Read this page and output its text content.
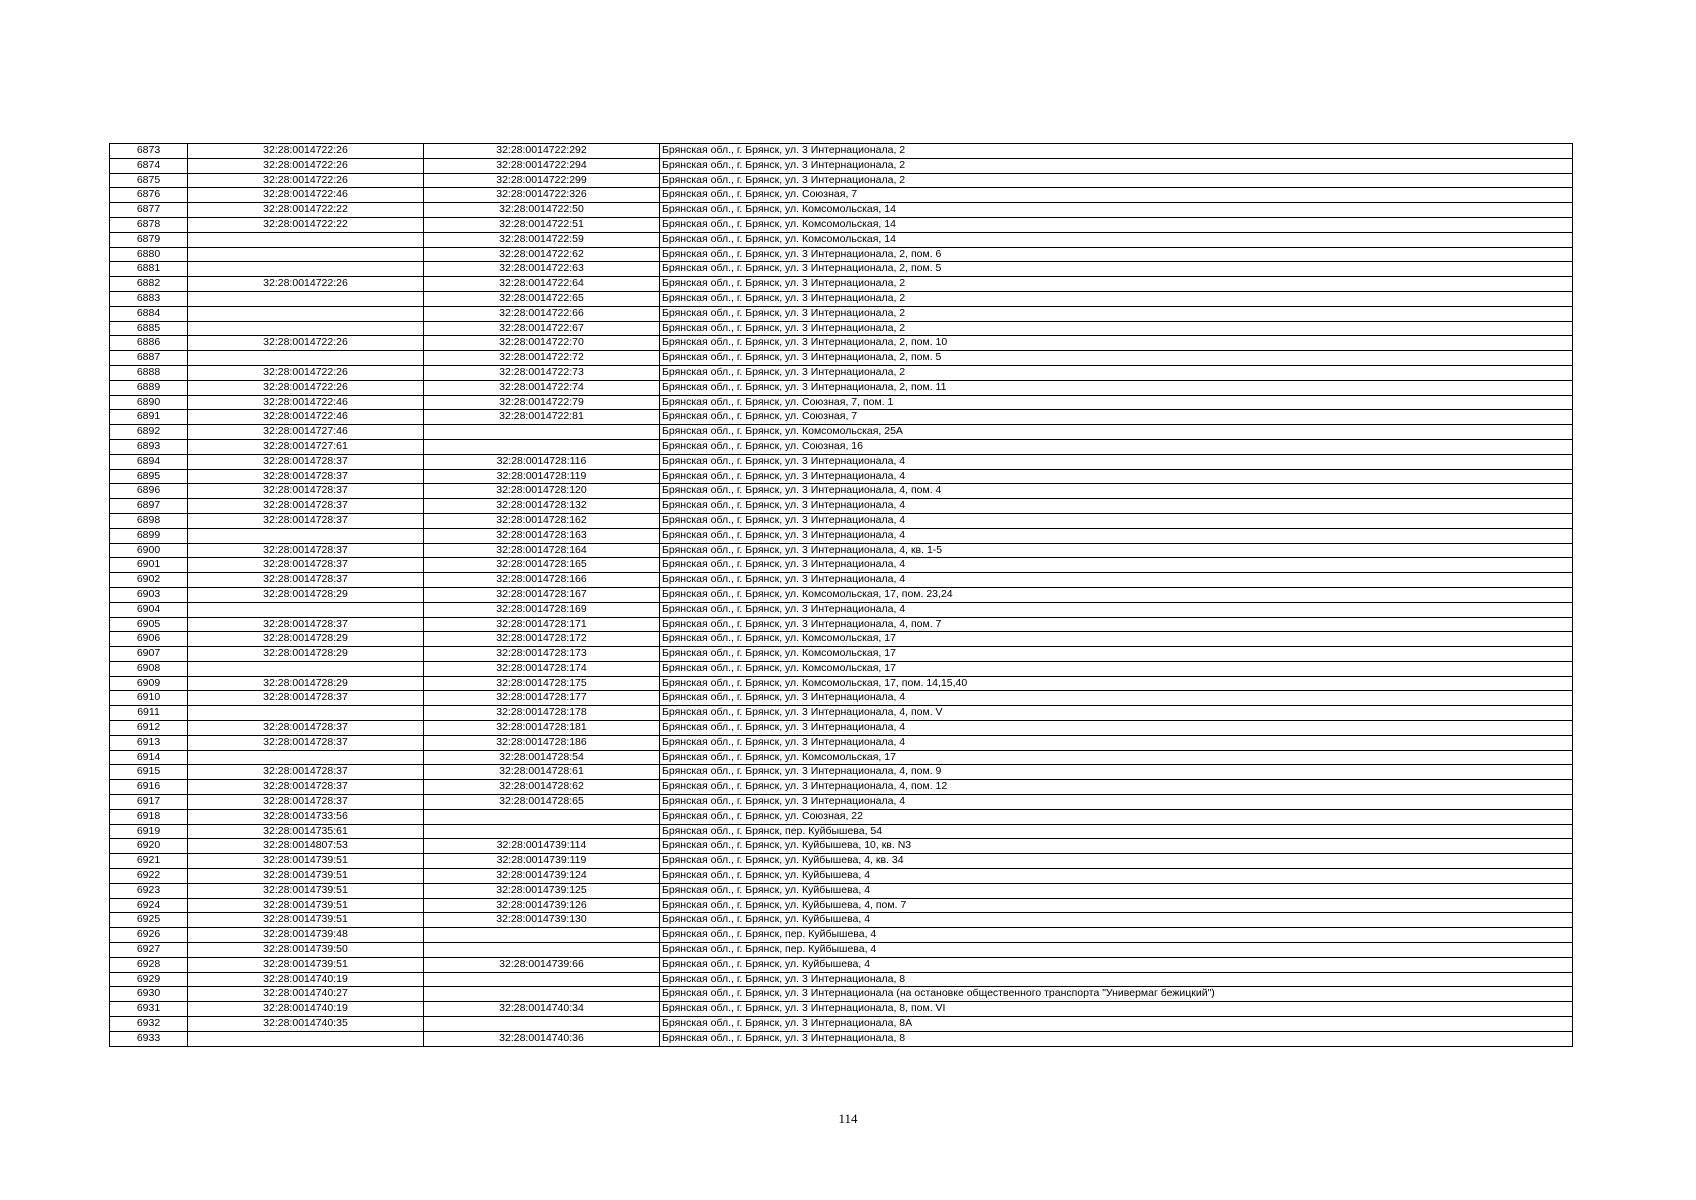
6873	32:28:0014722:26	32:28:0014722:292	Брянская обл., г. Брянск, ул. 3 Интернационала, 2
6874	32:28:0014722:26	32:28:0014722:294	Брянская обл., г. Брянск, ул. 3 Интернационала, 2
6875	32:28:0014722:26	32:28:0014722:299	Брянская обл., г. Брянск, ул. 3 Интернационала, 2
6876	32:28:0014722:46	32:28:0014722:326	Брянская обл., г. Брянск, ул. Союзная, 7
6877	32:28:0014722:22	32:28:0014722:50	Брянская обл., г. Брянск, ул. Комсомольская, 14
6878	32:28:0014722:22	32:28:0014722:51	Брянская обл., г. Брянск, ул. Комсомольская, 14
6879		32:28:0014722:59	Брянская обл., г. Брянск, ул. Комсомольская, 14
6880		32:28:0014722:62	Брянская обл., г. Брянск, ул. 3 Интернационала, 2, пом. 6
6881		32:28:0014722:63	Брянская обл., г. Брянск, ул. 3 Интернационала, 2, пом. 5
6882	32:28:0014722:26	32:28:0014722:64	Брянская обл., г. Брянск, ул. 3 Интернационала, 2
6883		32:28:0014722:65	Брянская обл., г. Брянск, ул. 3 Интернационала, 2
6884		32:28:0014722:66	Брянская обл., г. Брянск, ул. 3 Интернационала, 2
6885		32:28:0014722:67	Брянская обл., г. Брянск, ул. 3 Интернационала, 2
6886	32:28:0014722:26	32:28:0014722:70	Брянская обл., г. Брянск, ул. 3 Интернационала, 2, пом. 10
6887		32:28:0014722:72	Брянская обл., г. Брянск, ул. 3 Интернационала, 2, пом. 5
6888	32:28:0014722:26	32:28:0014722:73	Брянская обл., г. Брянск, ул. 3 Интернационала, 2
6889	32:28:0014722:26	32:28:0014722:74	Брянская обл., г. Брянск, ул. 3 Интернационала, 2, пом. 11
6890	32:28:0014722:46	32:28:0014722:79	Брянская обл., г. Брянск, ул. Союзная, 7, пом. 1
6891	32:28:0014722:46	32:28:0014722:81	Брянская обл., г. Брянск, ул. Союзная, 7
6892	32:28:0014727:46		Брянская обл., г. Брянск, ул. Комсомольская, 25А
6893	32:28:0014727:61		Брянская обл., г. Брянск, ул. Союзная, 16
6894	32:28:0014728:37	32:28:0014728:116	Брянская обл., г. Брянск, ул. 3 Интернационала, 4
6895	32:28:0014728:37	32:28:0014728:119	Брянская обл., г. Брянск, ул. 3 Интернационала, 4
6896	32:28:0014728:37	32:28:0014728:120	Брянская обл., г. Брянск, ул. 3 Интернационала, 4, пом. 4
6897	32:28:0014728:37	32:28:0014728:132	Брянская обл., г. Брянск, ул. 3 Интернационала, 4
6898	32:28:0014728:37	32:28:0014728:162	Брянская обл., г. Брянск, ул. 3 Интернационала, 4
6899		32:28:0014728:163	Брянская обл., г. Брянск, ул. 3 Интернационала, 4
6900	32:28:0014728:37	32:28:0014728:164	Брянская обл., г. Брянск, ул. 3 Интернационала, 4, кв. 1-5
6901	32:28:0014728:37	32:28:0014728:165	Брянская обл., г. Брянск, ул. 3 Интернационала, 4
6902	32:28:0014728:37	32:28:0014728:166	Брянская обл., г. Брянск, ул. 3 Интернационала, 4
6903	32:28:0014728:29	32:28:0014728:167	Брянская обл., г. Брянск, ул. Комсомольская, 17, пом. 23,24
6904		32:28:0014728:169	Брянская обл., г. Брянск, ул. 3 Интернационала, 4
6905	32:28:0014728:37	32:28:0014728:171	Брянская обл., г. Брянск, ул. 3 Интернационала, 4, пом. 7
6906	32:28:0014728:29	32:28:0014728:172	Брянская обл., г. Брянск, ул. Комсомольская, 17
6907	32:28:0014728:29	32:28:0014728:173	Брянская обл., г. Брянск, ул. Комсомольская, 17
6908		32:28:0014728:174	Брянская обл., г. Брянск, ул. Комсомольская, 17
6909	32:28:0014728:29	32:28:0014728:175	Брянская обл., г. Брянск, ул. Комсомольская, 17, пом. 14,15,40
6910	32:28:0014728:37	32:28:0014728:177	Брянская обл., г. Брянск, ул. 3 Интернационала, 4
6911		32:28:0014728:178	Брянская обл., г. Брянск, ул. 3 Интернационала, 4, пом. V
6912	32:28:0014728:37	32:28:0014728:181	Брянская обл., г. Брянск, ул. 3 Интернационала, 4
6913	32:28:0014728:37	32:28:0014728:186	Брянская обл., г. Брянск, ул. 3 Интернационала, 4
6914		32:28:0014728:54	Брянская обл., г. Брянск, ул. Комсомольская, 17
6915	32:28:0014728:37	32:28:0014728:61	Брянская обл., г. Брянск, ул. 3 Интернационала, 4, пом. 9
6916	32:28:0014728:37	32:28:0014728:62	Брянская обл., г. Брянск, ул. 3 Интернационала, 4, пом. 12
6917	32:28:0014728:37	32:28:0014728:65	Брянская обл., г. Брянск, ул. 3 Интернационала, 4
6918	32:28:0014733:56		Брянская обл., г. Брянск, ул. Союзная, 22
6919	32:28:0014735:61		Брянская обл., г. Брянск, пер. Куйбышева, 54
6920	32:28:0014807:53	32:28:0014739:114	Брянская обл., г. Брянск, ул. Куйбышева, 10, кв. N3
6921	32:28:0014739:51	32:28:0014739:119	Брянская обл., г. Брянск, ул. Куйбышева, 4, кв. 34
6922	32:28:0014739:51	32:28:0014739:124	Брянская обл., г. Брянск, ул. Куйбышева, 4
6923	32:28:0014739:51	32:28:0014739:125	Брянская обл., г. Брянск, ул. Куйбышева, 4
6924	32:28:0014739:51	32:28:0014739:126	Брянская обл., г. Брянск, ул. Куйбышева, 4, пом. 7
6925	32:28:0014739:51	32:28:0014739:130	Брянская обл., г. Брянск, ул. Куйбышева, 4
6926	32:28:0014739:48		Брянская обл., г. Брянск, пер. Куйбышева, 4
6927	32:28:0014739:50		Брянская обл., г. Брянск, пер. Куйбышева, 4
6928	32:28:0014739:51	32:28:0014739:66	Брянская обл., г. Брянск, ул. Куйбышева, 4
6929	32:28:0014740:19		Брянская обл., г. Брянск, ул. 3 Интернационала, 8
6930	32:28:0014740:27		Брянская обл., г. Брянск, ул. 3 Интернационала (на остановке общественного транспорта "Универмаг бежицкий")
6931	32:28:0014740:19	32:28:0014740:34	Брянская обл., г. Брянск, ул. 3 Интернационала, 8, пом. VI
6932	32:28:0014740:35		Брянская обл., г. Брянск, ул. 3 Интернационала, 8А
6933		32:28:0014740:36	Брянская обл., г. Брянск, ул. 3 Интернационала, 8
114
